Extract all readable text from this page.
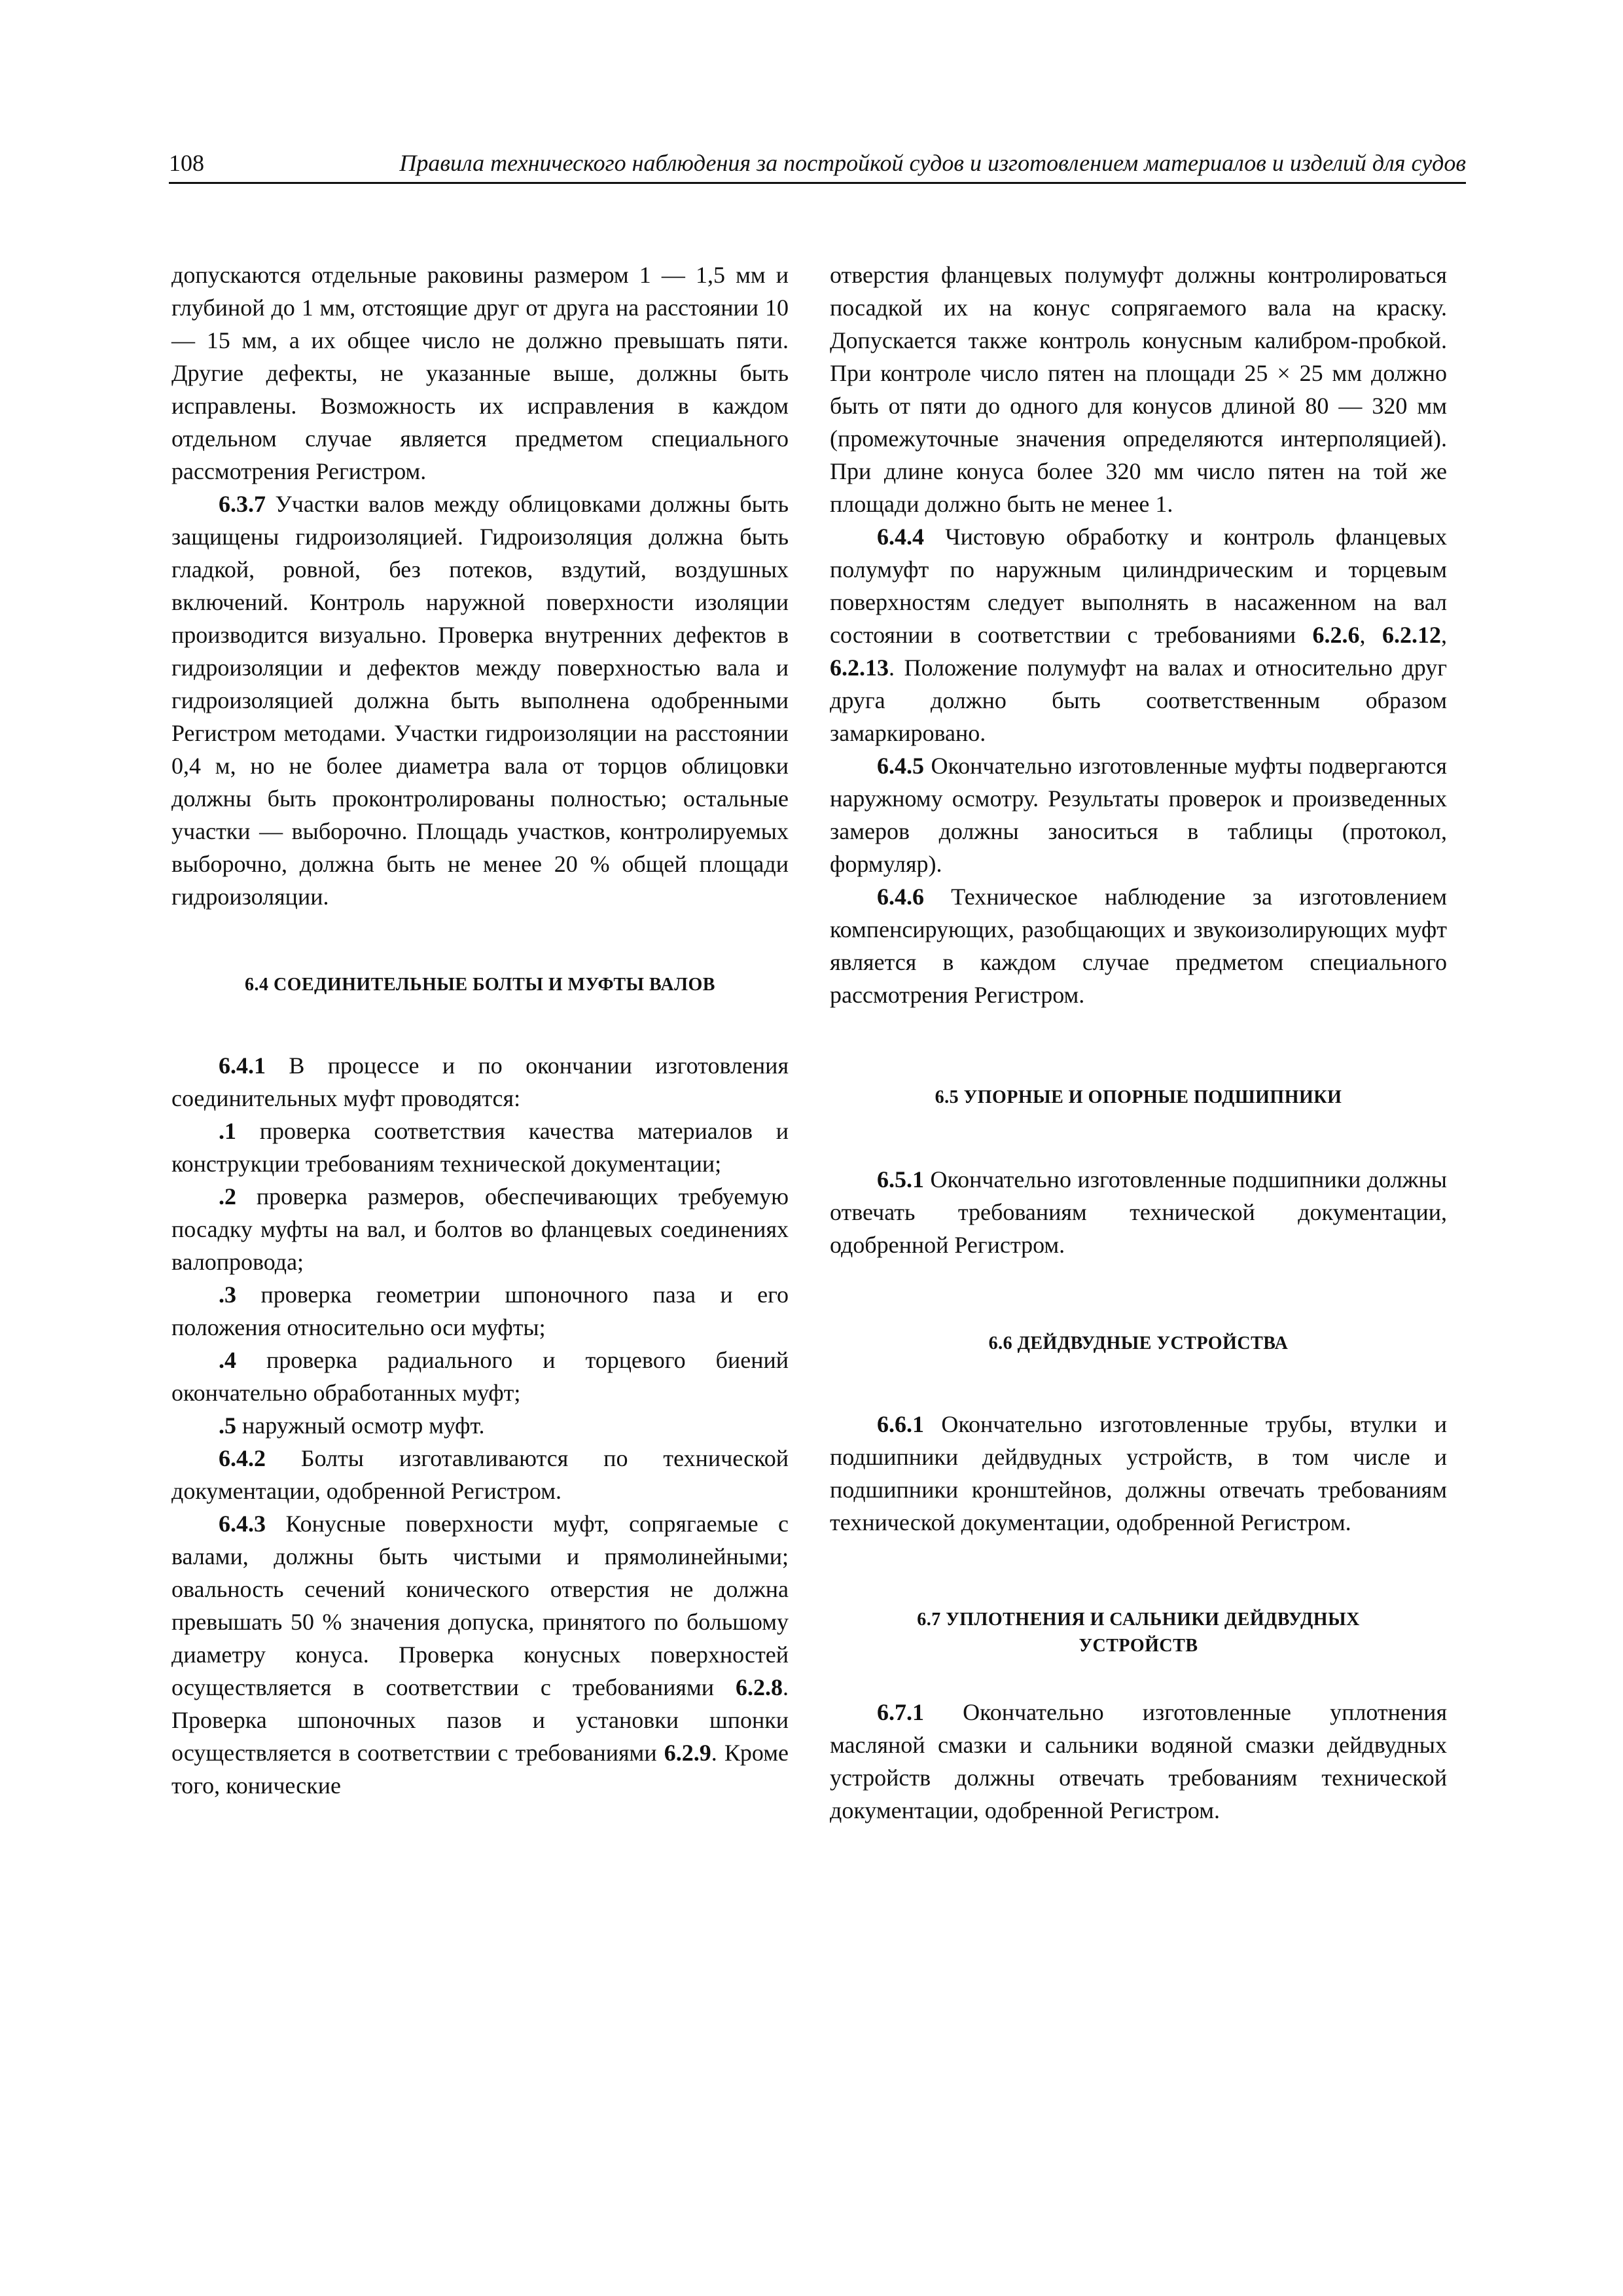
108	Правила технического наблюдения за постройкой судов и изготовлением материалов и изделий для судов

допускаются отдельные раковины размером 1 — 1,5 мм и глубиной до 1 мм, отстоящие друг от друга на расстоянии 10 — 15 мм, а их общее число не должно превышать пяти. Другие дефекты, не указанные выше, должны быть исправлены. Возможность их исправления в каждом отдельном случае является предметом специального рассмотрения Регистром.

6.3.7 Участки валов между облицовками должны быть защищены гидроизоляцией. Гидроизоляция должна быть гладкой, ровной, без потеков, вздутий, воздушных включений. Контроль наружной поверхности изоляции производится визуально. Проверка внутренних дефектов в гидроизоляции и дефектов между поверхностью вала и гидроизоляцией должна быть выполнена одобренными Регистром методами. Участки гидроизоляции на расстоянии 0,4 м, но не более диаметра вала от торцов облицовки должны быть проконтролированы полностью; остальные участки — выборочно. Площадь участков, контролируемых выборочно, должна быть не менее 20 % общей площади гидроизоляции.

6.4 СОЕДИНИТЕЛЬНЫЕ БОЛТЫ И МУФТЫ ВАЛОВ

6.4.1 В процессе и по окончании изготовления соединительных муфт проводятся:

.1 проверка соответствия качества материалов и конструкции требованиям технической документации;

.2 проверка размеров, обеспечивающих требуемую посадку муфты на вал, и болтов во фланцевых соединениях валопровода;

.3 проверка геометрии шпоночного паза и его положения относительно оси муфты;

.4 проверка радиального и торцевого биений окончательно обработанных муфт;

.5 наружный осмотр муфт.

6.4.2 Болты изготавливаются по технической документации, одобренной Регистром.

6.4.3 Конусные поверхности муфт, сопрягаемые с валами, должны быть чистыми и прямолинейными; овальность сечений конического отверстия не должна превышать 50 % значения допуска, принятого по большому диаметру конуса. Проверка конусных поверхностей осуществляется в соответствии с требованиями 6.2.8. Проверка шпоночных пазов и установки шпонки осуществляется в соответствии с требованиями 6.2.9. Кроме того, конические

отверстия фланцевых полумуфт должны контролироваться посадкой их на конус сопрягаемого вала на краску. Допускается также контроль конусным калибром-пробкой. При контроле число пятен на площади 25 × 25 мм должно быть от пяти до одного для конусов длиной 80 — 320 мм (промежуточные значения определяются интерполяцией). При длине конуса более 320 мм число пятен на той же площади должно быть не менее 1.

6.4.4 Чистовую обработку и контроль фланцевых полумуфт по наружным цилиндрическим и торцевым поверхностям следует выполнять в насаженном на вал состоянии в соответствии с требованиями 6.2.6, 6.2.12, 6.2.13. Положение полумуфт на валах и относительно друг друга должно быть соответственным образом замаркировано.

6.4.5 Окончательно изготовленные муфты подвергаются наружному осмотру. Результаты проверок и произведенных замеров должны заноситься в таблицы (протокол, формуляр).

6.4.6 Техническое наблюдение за изготовлением компенсирующих, разобщающих и звукоизолирующих муфт является в каждом случае предметом специального рассмотрения Регистром.

6.5 УПОРНЫЕ И ОПОРНЫЕ ПОДШИПНИКИ

6.5.1 Окончательно изготовленные подшипники должны отвечать требованиям технической документации, одобренной Регистром.

6.6 ДЕЙДВУДНЫЕ УСТРОЙСТВА

6.6.1 Окончательно изготовленные трубы, втулки и подшипники дейдвудных устройств, в том числе и подшипники кронштейнов, должны отвечать требованиям технической документации, одобренной Регистром.

6.7 УПЛОТНЕНИЯ И САЛЬНИКИ ДЕЙДВУДНЫХ
УСТРОЙСТВ

6.7.1 Окончательно изготовленные уплотнения масляной смазки и сальники водяной смазки дейдвудных устройств должны отвечать требованиям технической документации, одобренной Регистром.
